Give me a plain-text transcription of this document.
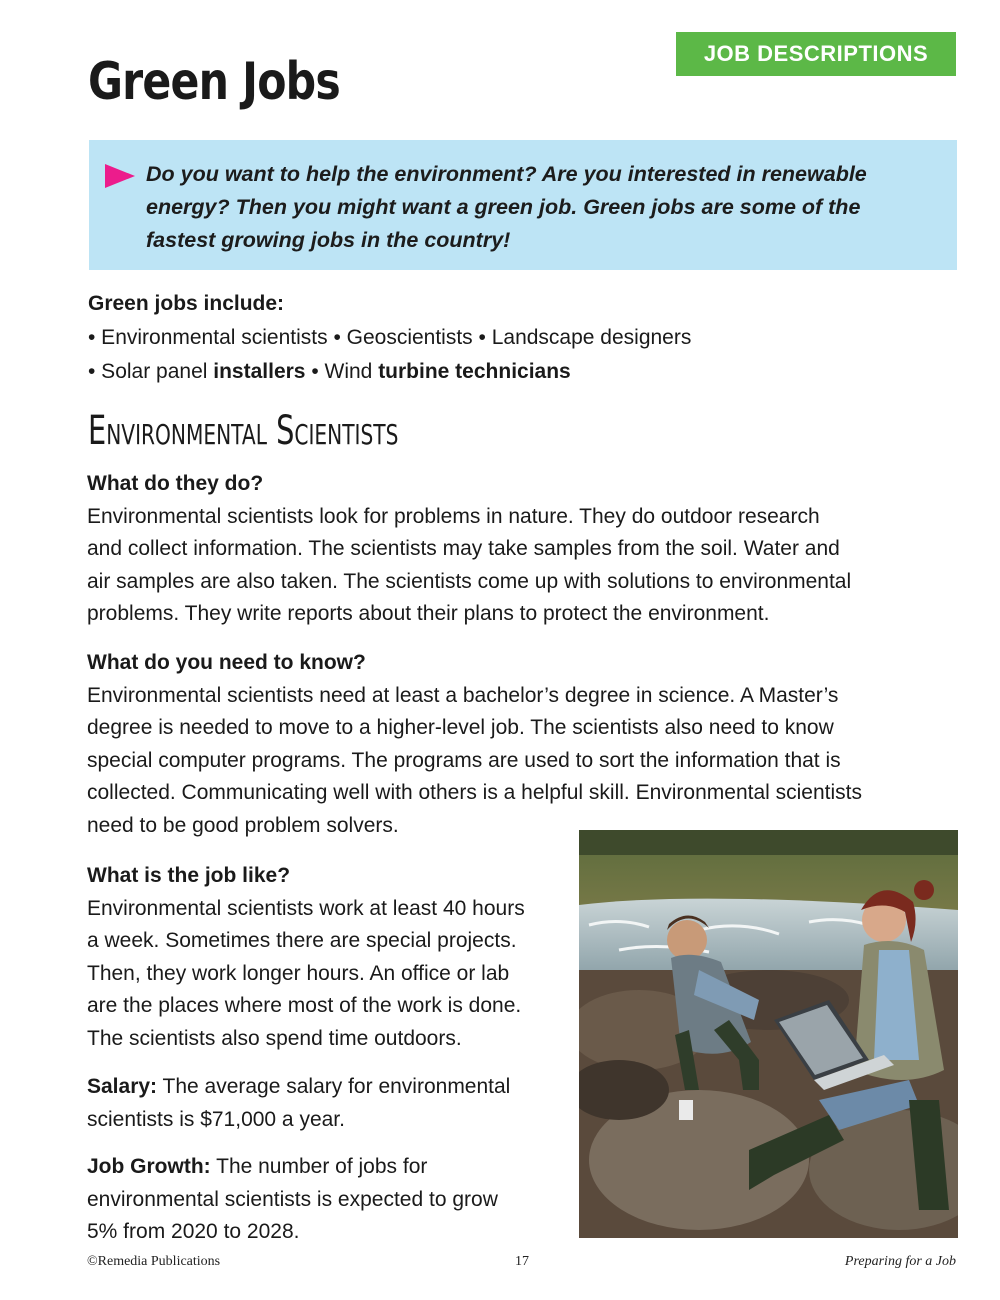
JOB DESCRIPTIONS
Green Jobs
Do you want to help the environment? Are you interested in renewable
energy? Then you might want a green job. Green jobs are some of the
fastest growing jobs in the country!
Green jobs include:
• Environmental scientists • Geoscientists • Landscape designers
• Solar panel installers • Wind turbine technicians
Environmental Scientists
What do they do?
Environmental scientists look for problems in nature. They do outdoor research
and collect information. The scientists may take samples from the soil. Water and
air samples are also taken. The scientists come up with solutions to environmental
problems. They write reports about their plans to protect the environment.
What do you need to know?
Environmental scientists need at least a bachelor’s degree in science. A Master’s
degree is needed to move to a higher-level job. The scientists also need to know
special computer programs. The programs are used to sort the information that is
collected. Communicating well with others is a helpful skill. Environmental scientists
need to be good problem solvers.
What is the job like?
Environmental scientists work at least 40 hours
a week. Sometimes there are special projects.
Then, they work longer hours. An office or lab
are the places where most of the work is done.
The scientists also spend time outdoors.
Salary: The average salary for environmental
scientists is $71,000 a year.
Job Growth: The number of jobs for
environmental scientists is expected to grow
5% from 2020 to 2028.
©Remedia Publications	17	Preparing for a Job
